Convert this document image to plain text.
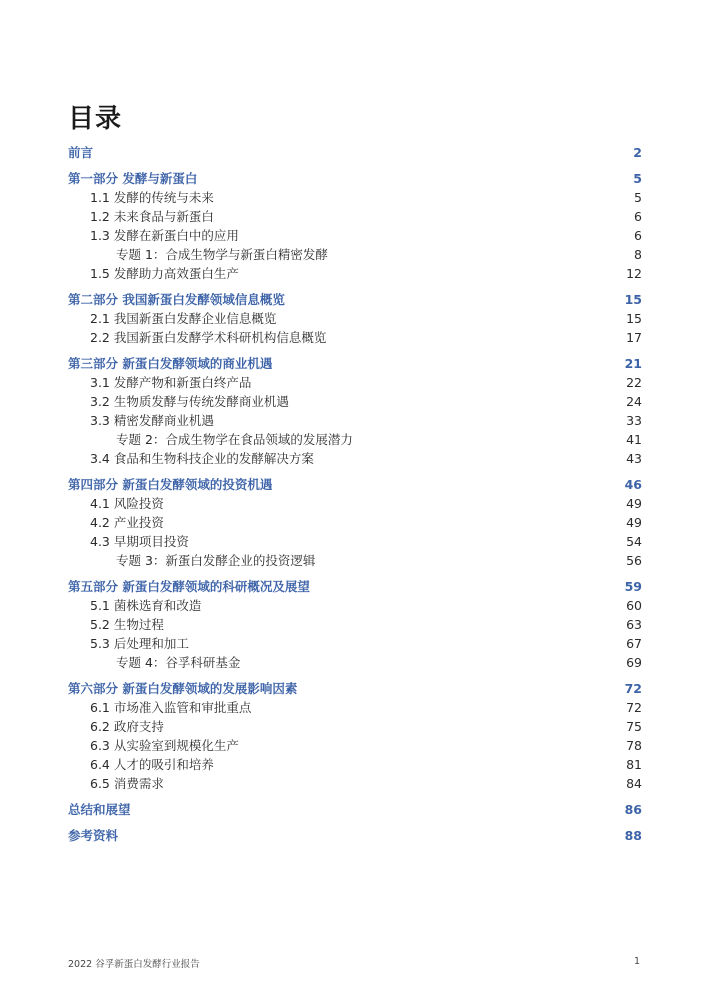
目录
前言	2
第一部分 发酵与新蛋白	5
1.1 发酵的传统与未来	5
1.2 未来食品与新蛋白	6
1.3 发酵在新蛋白中的应用	6
专题 1：合成生物学与新蛋白精密发酵	8
1.5 发酵助力高效蛋白生产	12
第二部分 我国新蛋白发酵领域信息概览	15
2.1 我国新蛋白发酵企业信息概览	15
2.2 我国新蛋白发酵学术科研机构信息概览	17
第三部分 新蛋白发酵领域的商业机遇	21
3.1 发酵产物和新蛋白终产品	22
3.2 生物质发酵与传统发酵商业机遇	24
3.3 精密发酵商业机遇	33
专题 2：合成生物学在食品领域的发展潜力	41
3.4 食品和生物科技企业的发酵解决方案	43
第四部分 新蛋白发酵领域的投资机遇	46
4.1 风险投资	49
4.2 产业投资	49
4.3 早期项目投资	54
专题 3：新蛋白发酵企业的投资逻辑	56
第五部分 新蛋白发酵领域的科研概况及展望	59
5.1 菌株选育和改造	60
5.2 生物过程	63
5.3 后处理和加工	67
专题 4：谷孚科研基金	69
第六部分 新蛋白发酵领域的发展影响因素	72
6.1 市场准入监管和审批重点	72
6.2 政府支持	75
6.3 从实验室到规模化生产	78
6.4 人才的吸引和培养	81
6.5 消费需求	84
总结和展望	86
参考资料	88
2022 谷孚新蛋白发酵行业报告	1
